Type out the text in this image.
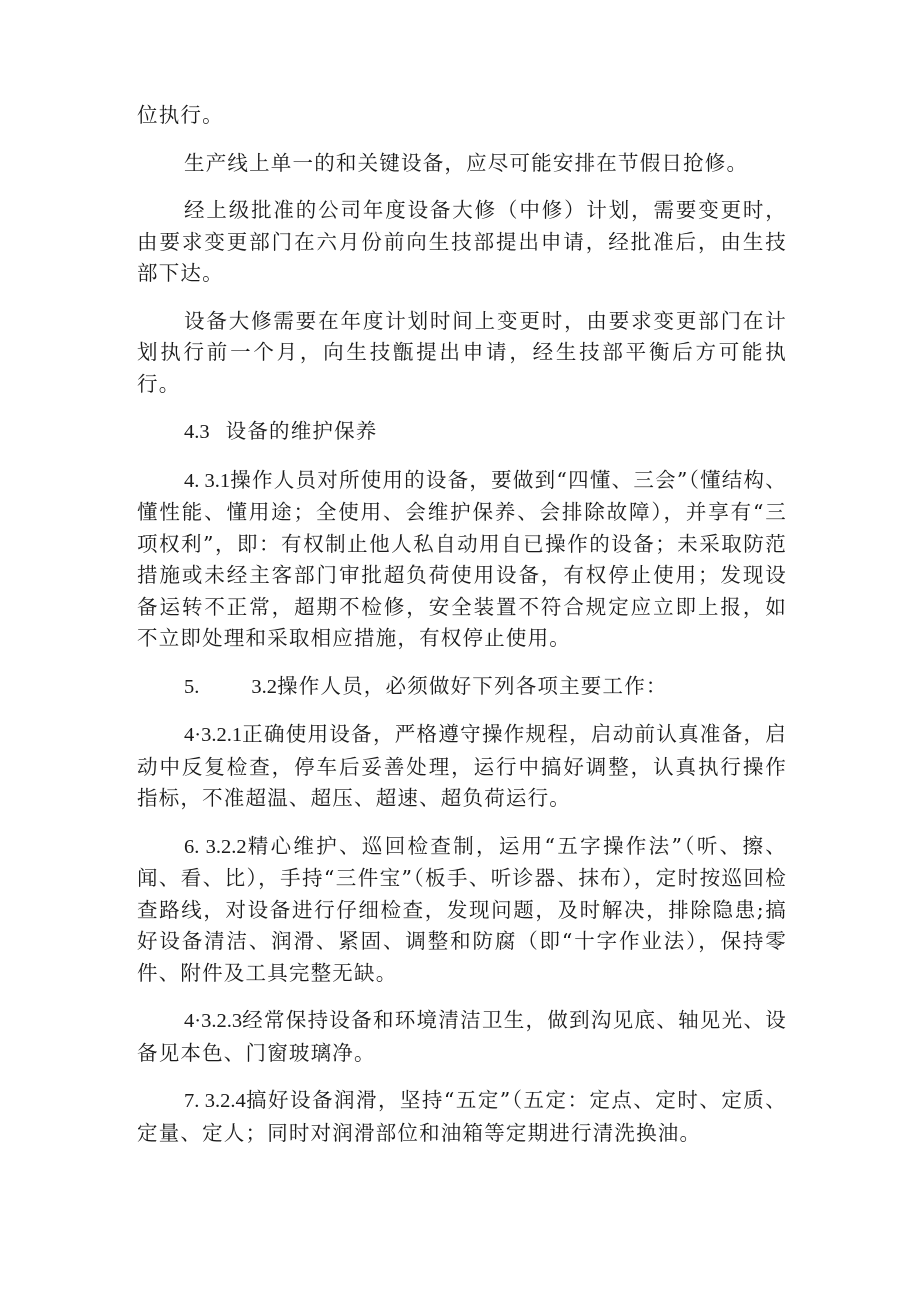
位执行。

生产线上单一的和关键设备，应尽可能安排在节假日抢修。

经上级批准的公司年度设备大修（中修）计划，需要变更时，由要求变更部门在六月份前向生技部提出申请，经批准后，由生技部下达。

设备大修需要在年度计划时间上变更时，由要求变更部门在计划执行前一个月，向生技甑提出申请，经生技部平衡后方可能执行。

4.3 设备的维护保养

4. 3.1操作人员对所使用的设备，要做到“四懂、三会”（懂结构、懂性能、懂用途；全使用、会维护保养、会排除故障），并享有“三项权利”，即：有权制止他人私自动用自已操作的设备；未采取防范措施或未经主客部门审批超负荷使用设备，有权停止使用；发现设备运转不正常，超期不检修，安全装置不符合规定应立即上报，如不立即处理和采取相应措施，有权停止使用。

5.	3.2操作人员，必须做好下列各项主要工作：

4·3.2.1正确使用设备，严格遵守操作规程，启动前认真准备，启动中反复检查，停车后妥善处理，运行中搞好调整，认真执行操作指标，不准超温、超压、超速、超负荷运行。

6. 3.2.2精心维护、巡回检查制，运用“五字操作法”（听、擦、闻、看、比），手持“三件宝”（板手、听诊器、抹布），定时按巡回检查路线，对设备进行仔细检查，发现问题，及时解决，排除隐患;搞好设备清洁、润滑、紧固、调整和防腐（即“十字作业法），保持零件、附件及工具完整无缺。

4·3.2.3经常保持设备和环境清洁卫生，做到沟见底、轴见光、设备见本色、门窗玻璃净。

7. 3.2.4搞好设备润滑，坚持“五定”（五定：定点、定时、定质、定量、定人；同时对润滑部位和油箱等定期进行清洗换油。
